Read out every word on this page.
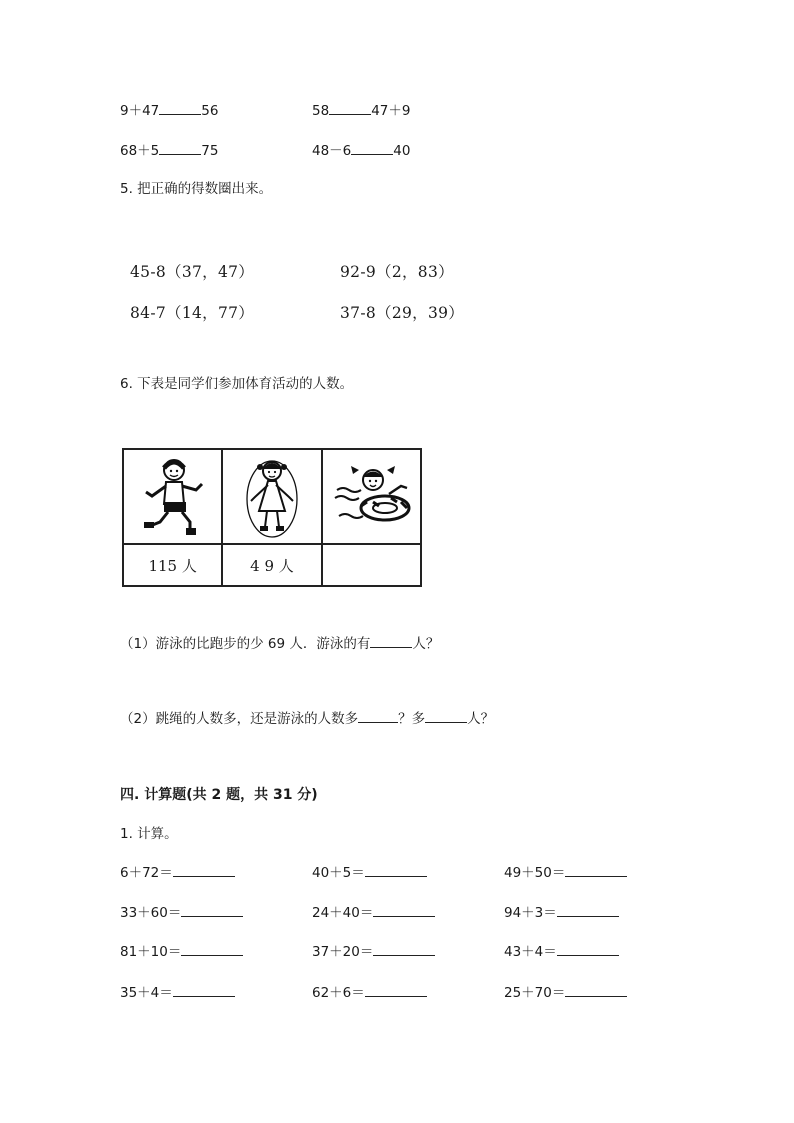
9＋47	56	58	47＋9
68＋5	75	48－6	40
5. 把正确的得数圈出来。
45-8（37，47）	92-9（2，83）
84-7（14，77）	37-8（29，39）
6. 下表是同学们参加体育活动的人数。

115 人	4 9 人	
（1）游泳的比跑步的少 69 人．游泳的有	人？
（2）跳绳的人数多，还是游泳的人数多	？多	人？
四. 计算题(共 2 题，共 31 分)
1. 计算。
6＋72＝	40＋5＝	49＋50＝
33＋60＝	24＋40＝	94＋3＝
81＋10＝	37＋20＝	43＋4＝
35＋4＝	62＋6＝	25＋70＝
